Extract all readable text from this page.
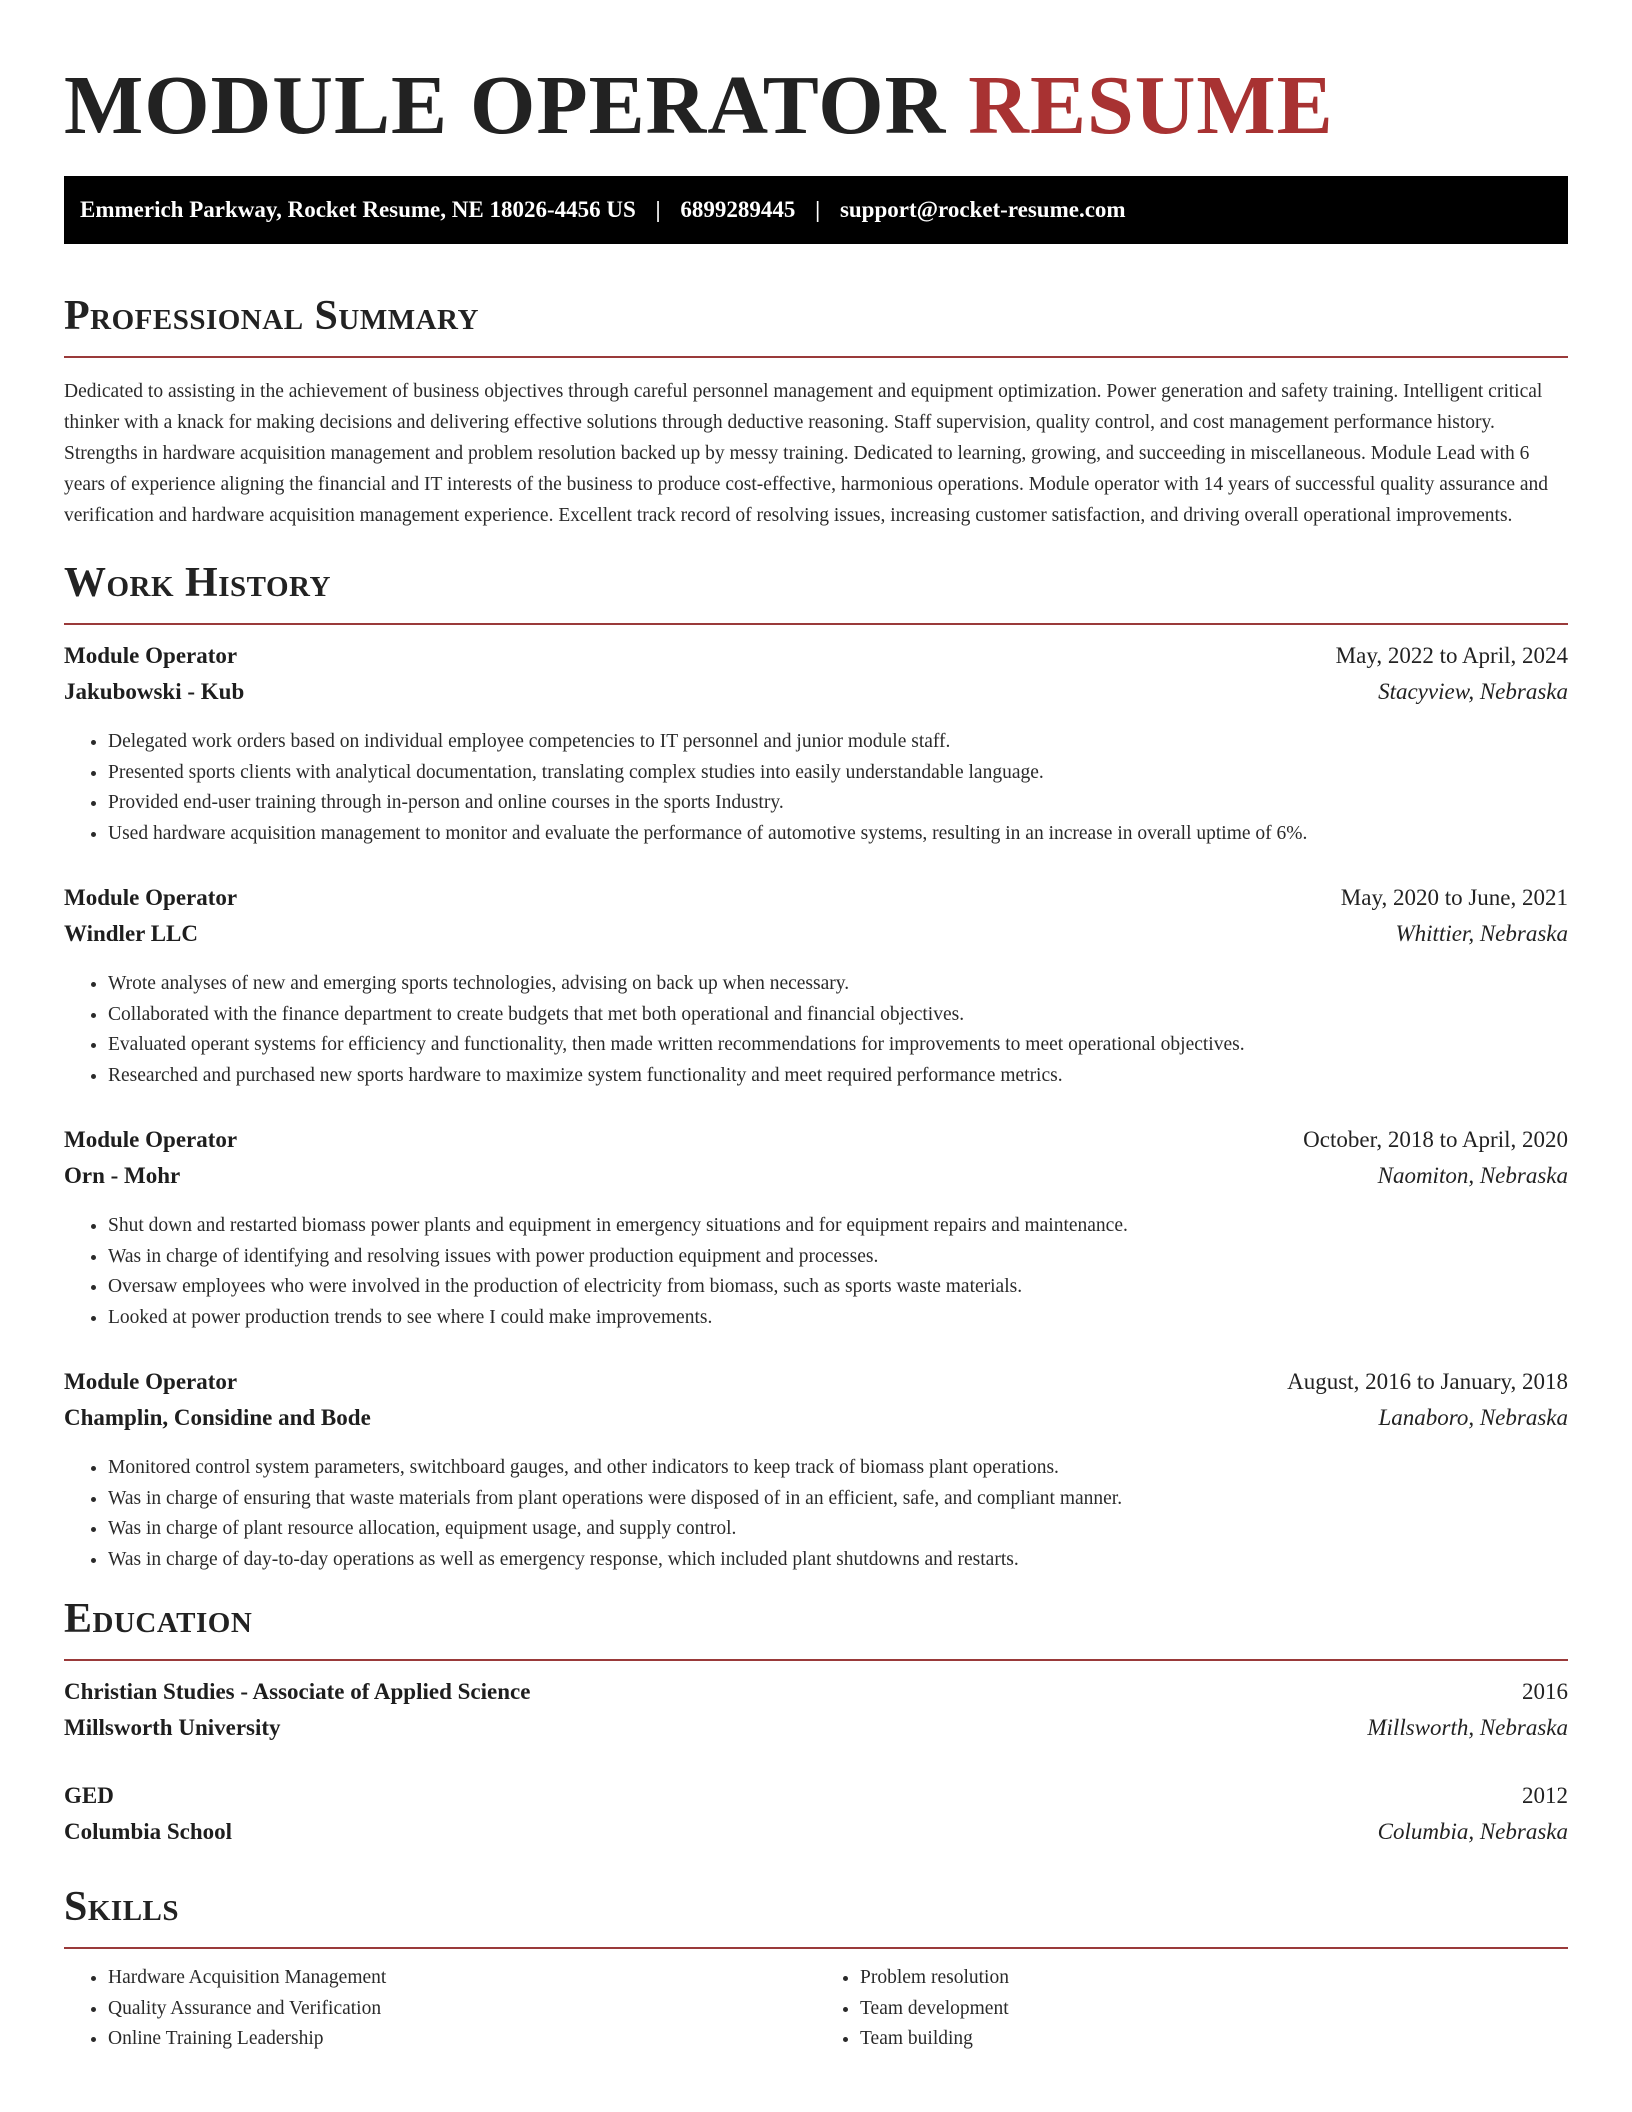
MODULE OPERATOR RESUME
Emmerich Parkway, Rocket Resume, NE 18026-4456 US | 6899289445 | support@rocket-resume.com
Professional Summary

Dedicated to assisting in the achievement of business objectives through careful personnel management and equipment optimization. Power generation and safety training. Intelligent critical thinker with a knack for making decisions and delivering effective solutions through deductive reasoning. Staff supervision, quality control, and cost management performance history. Strengths in hardware acquisition management and problem resolution backed up by messy training. Dedicated to learning, growing, and succeeding in miscellaneous. Module Lead with 6 years of experience aligning the financial and IT interests of the business to produce cost-effective, harmonious operations. Module operator with 14 years of successful quality assurance and verification and hardware acquisition management experience. Excellent track record of resolving issues, increasing customer satisfaction, and driving overall operational improvements.

Work History
Module Operator	May, 2022 to April, 2024
Jakubowski - Kub	Stacyview, Nebraska
• Delegated work orders based on individual employee competencies to IT personnel and junior module staff.
• Presented sports clients with analytical documentation, translating complex studies into easily understandable language.
• Provided end-user training through in-person and online courses in the sports Industry.
• Used hardware acquisition management to monitor and evaluate the performance of automotive systems, resulting in an increase in overall uptime of 6%.
Module Operator	May, 2020 to June, 2021
Windler LLC	Whittier, Nebraska
• Wrote analyses of new and emerging sports technologies, advising on back up when necessary.
• Collaborated with the finance department to create budgets that met both operational and financial objectives.
• Evaluated operant systems for efficiency and functionality, then made written recommendations for improvements to meet operational objectives.
• Researched and purchased new sports hardware to maximize system functionality and meet required performance metrics.
Module Operator	October, 2018 to April, 2020
Orn - Mohr	Naomiton, Nebraska
• Shut down and restarted biomass power plants and equipment in emergency situations and for equipment repairs and maintenance.
• Was in charge of identifying and resolving issues with power production equipment and processes.
• Oversaw employees who were involved in the production of electricity from biomass, such as sports waste materials.
• Looked at power production trends to see where I could make improvements.
Module Operator	August, 2016 to January, 2018
Champlin, Considine and Bode	Lanaboro, Nebraska
• Monitored control system parameters, switchboard gauges, and other indicators to keep track of biomass plant operations.
• Was in charge of ensuring that waste materials from plant operations were disposed of in an efficient, safe, and compliant manner.
• Was in charge of plant resource allocation, equipment usage, and supply control.
• Was in charge of day-to-day operations as well as emergency response, which included plant shutdowns and restarts.
Education
Christian Studies - Associate of Applied Science	2016
Millsworth University	Millsworth, Nebraska
GED	2012
Columbia School	Columbia, Nebraska
Skills
• Hardware Acquisition Management
• Quality Assurance and Verification
• Online Training Leadership
• Problem resolution
• Team development
• Team building
